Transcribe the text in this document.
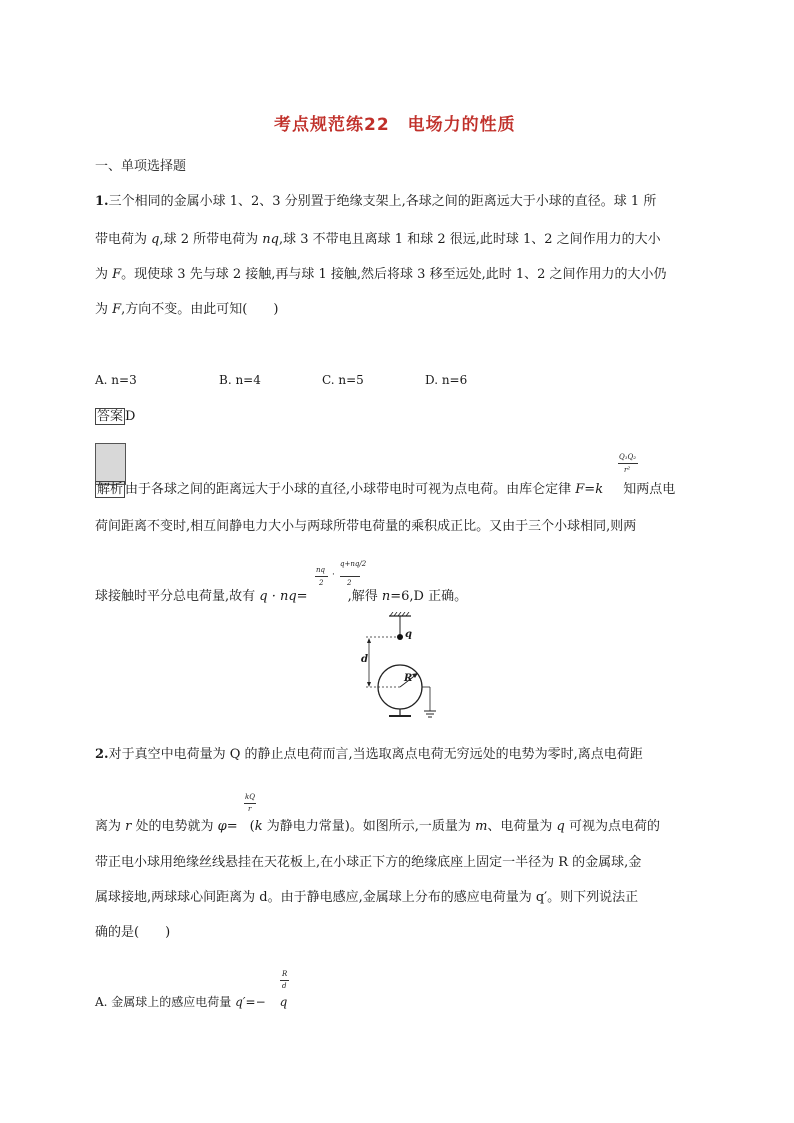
考点规范练22　电场力的性质
一、单项选择题
1.三个相同的金属小球 1、2、3 分别置于绝缘支架上,各球之间的距离远大于小球的直径。球 1 所
带电荷为 q,球 2 所带电荷为 nq,球 3 不带电且离球 1 和球 2 很远,此时球 1、2 之间作用力的大小
为 F。现使球 3 先与球 2 接触,再与球 1 接触,然后将球 3 移至远处,此时 1、2 之间作用力的大小仍
为 F,方向不变。由此可知(　　)
A. n=3	B. n=4	C. n=5	D. n=6
答案 D
解析 由于各球之间的距离远大于小球的直径,小球带电时可视为点电荷。由库仑定律 F=k 知两点电
Q₁Q₂
r²
荷间距离不变时,相互间静电力大小与两球所带电荷量的乘积成正比。又由于三个小球相同,则两
球接触时平分总电荷量,故有 q · nq=	,解得 n=6,D 正确。
nq
2
·
q+nq/2
2
q
d
R
2.对于真空中电荷量为 Q 的静止点电荷而言,当选取离点电荷无穷远处的电势为零时,离点电荷距
kQ
r
离为 r 处的电势就为 φ= (k 为静电力常量)。如图所示,一质量为 m、电荷量为 q 可视为点电荷的
带正电小球用绝缘丝线悬挂在天花板上,在小球正下方的绝缘底座上固定一半径为 R 的金属球,金
属球接地,两球球心间距离为 d。由于静电感应,金属球上分布的感应电荷量为 q′。则下列说法正
确的是(　　)
R
d
A. 金属球上的感应电荷量 q′=− q
